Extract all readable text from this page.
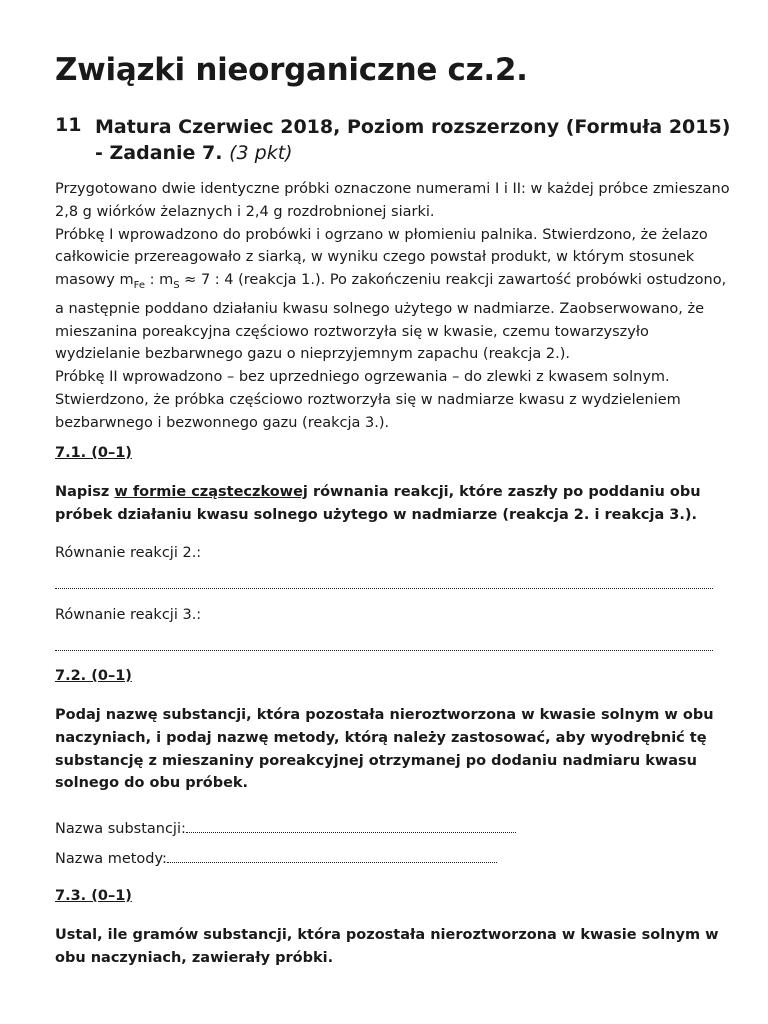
Związki nieorganiczne cz.2.
11 Matura Czerwiec 2018, Poziom rozszerzony (Formuła 2015) - Zadanie 7. (3 pkt)

Przygotowano dwie identyczne próbki oznaczone numerami I i II: w każdej próbce zmieszano 2,8 g wiórków żelaznych i 2,4 g rozdrobnionej siarki.
Próbkę I wprowadzono do probówki i ogrzano w płomieniu palnika. Stwierdzono, że żelazo całkowicie przereagowało z siarką, w wyniku czego powstał produkt, w którym stosunek masowy $m_{Fe}$ : $m_S \approx 7$ : 4 (reakcja 1.). Po zakończeniu reakcji zawartość probówki ostudzono, a następnie poddano działaniu kwasu solnego użytego w nadmiarze. Zaobserwowano, że mieszanina poreakcyjna częściowo roztworzyła się w kwasie, czemu towarzyszyło wydzielanie bezbarwnego gazu o nieprzyjemnym zapachu (reakcja 2.).
Próbkę II wprowadzono – bez uprzedniego ogrzewania – do zlewki z kwasem solnym. Stwierdzono, że próbka częściowo roztworzyła się w nadmiarze kwasu z wydzieleniem bezbarwnego i bezwonnego gazu (reakcja 3.).

7.1. (0–1)

Napisz w formie cząsteczkowej równania reakcji, które zaszły po poddaniu obu próbek działaniu kwasu solnego użytego w nadmiarze (reakcja 2. i reakcja 3.).

Równanie reakcji 2.:
Równanie reakcji 3.:
7.2. (0–1)

Podaj nazwę substancji, która pozostała nieroztworzona w kwasie solnym w obu naczyniach, i podaj nazwę metody, którą należy zastosować, aby wyodrębnić tę substancję z mieszaniny poreakcyjnej otrzymanej po dodaniu nadmiaru kwasu solnego do obu próbek.

Nazwa substancji:
Nazwa metody:
7.3. (0–1)

Ustal, ile gramów substancji, która pozostała nieroztworzona w kwasie solnym w obu naczyniach, zawierały próbki.
